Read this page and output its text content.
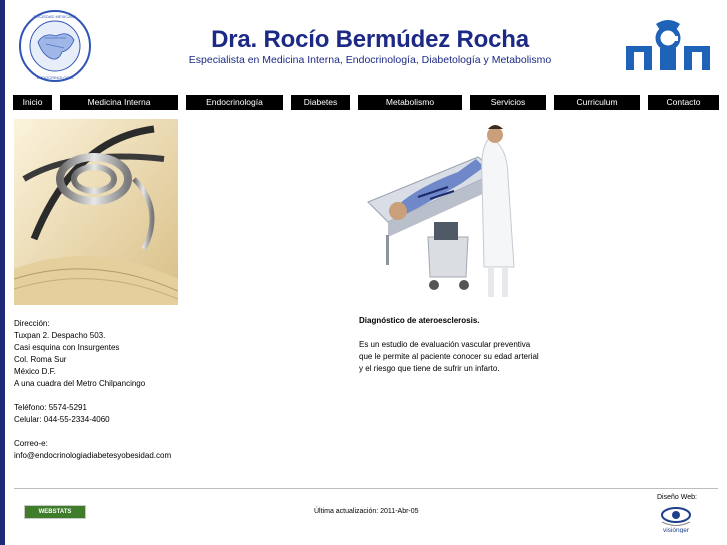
SOCIEDAD MEXICANA
ENDOCRINOLOGIA
Dra. Rocío Bermúdez Rocha
Especialista en Medicina Interna, Endocrinología, Diabetología y Metabolismo
Inicio	Medicina Interna	Endocrinología	Diabetes	Metabolismo	Servicios	Curriculum	Contacto
Dirección:
Tuxpan 2. Despacho 503.
Casi esquina con Insurgentes
Col. Roma Sur
México D.F.
A una cuadra del Metro Chilpancingo
Teléfono: 5574-5291
Celular: 044-55-2334-4060
Correo-e:
info@endocrinologiadiabetesyobesidad.com
Diagnóstico de ateroesclerosis.
Es un estudio de evaluación vascular preventiva
que le permite al paciente conocer su edad arterial
y el riesgo que tiene de sufrir un infarto.
WEBSTATS	Última actualización: 2011-Abr-05
Diseño Web:
visiónger
